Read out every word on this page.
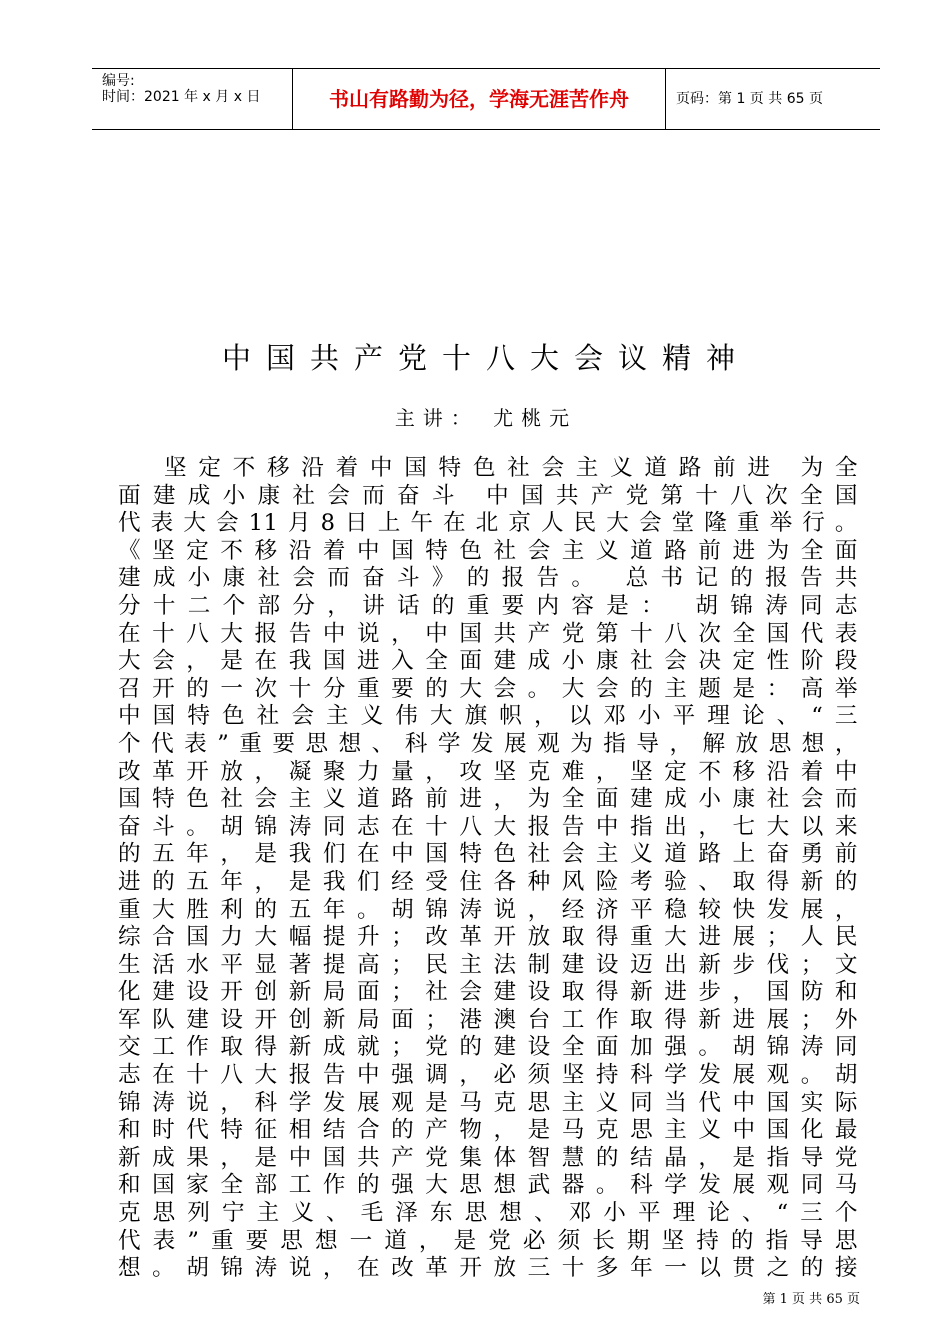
编号:
时间：2021 年 x 月 x 日	书山有路勤为径，学海无涯苦作舟	页码：第 1 页 共 65 页
中国共产党十八大会议精神
主讲： 尤桃元
坚定不移沿着中国特色社会主义道路前进 为全
面建成小康社会而奋斗 中国共产党第十八次全国
代表大会11月8日上午在北京人民大会堂隆重举行。
《坚定不移沿着中国特色社会主义道路前进为全面
建成小康社会而奋斗》的报告。 总书记的报告共
分十二个部分，讲话的重要内容是： 胡锦涛同志
在十八大报告中说，中国共产党第十八次全国代表
大会，是在我国进入全面建成小康社会决定性阶段
召开的一次十分重要的大会。大会的主题是：高举
中国特色社会主义伟大旗帜，以邓小平理论、“三
个代表”重要思想、科学发展观为指导，解放思想，
改革开放，凝聚力量，攻坚克难，坚定不移沿着中
国特色社会主义道路前进，为全面建成小康社会而
奋斗。胡锦涛同志在十八大报告中指出，七大以来
的五年，是我们在中国特色社会主义道路上奋勇前
进的五年，是我们经受住各种风险考验、取得新的
重大胜利的五年。胡锦涛说，经济平稳较快发展，
综合国力大幅提升；改革开放取得重大进展；人民
生活水平显著提高；民主法制建设迈出新步伐；文
化建设开创新局面；社会建设取得新进步，国防和
军队建设开创新局面；港澳台工作取得新进展；外
交工作取得新成就；党的建设全面加强。胡锦涛同
志在十八大报告中强调，必须坚持科学发展观。胡
锦涛说，科学发展观是马克思主义同当代中国实际
和时代特征相结合的产物，是马克思主义中国化最
新成果，是中国共产党集体智慧的结晶，是指导党
和国家全部工作的强大思想武器。科学发展观同马
克思列宁主义、毛泽东思想、邓小平理论、“三个
代表”重要思想一道，是党必须长期坚持的指导思
想。胡锦涛说，在改革开放三十多年一以贯之的接
第 1 页 共 65 页
